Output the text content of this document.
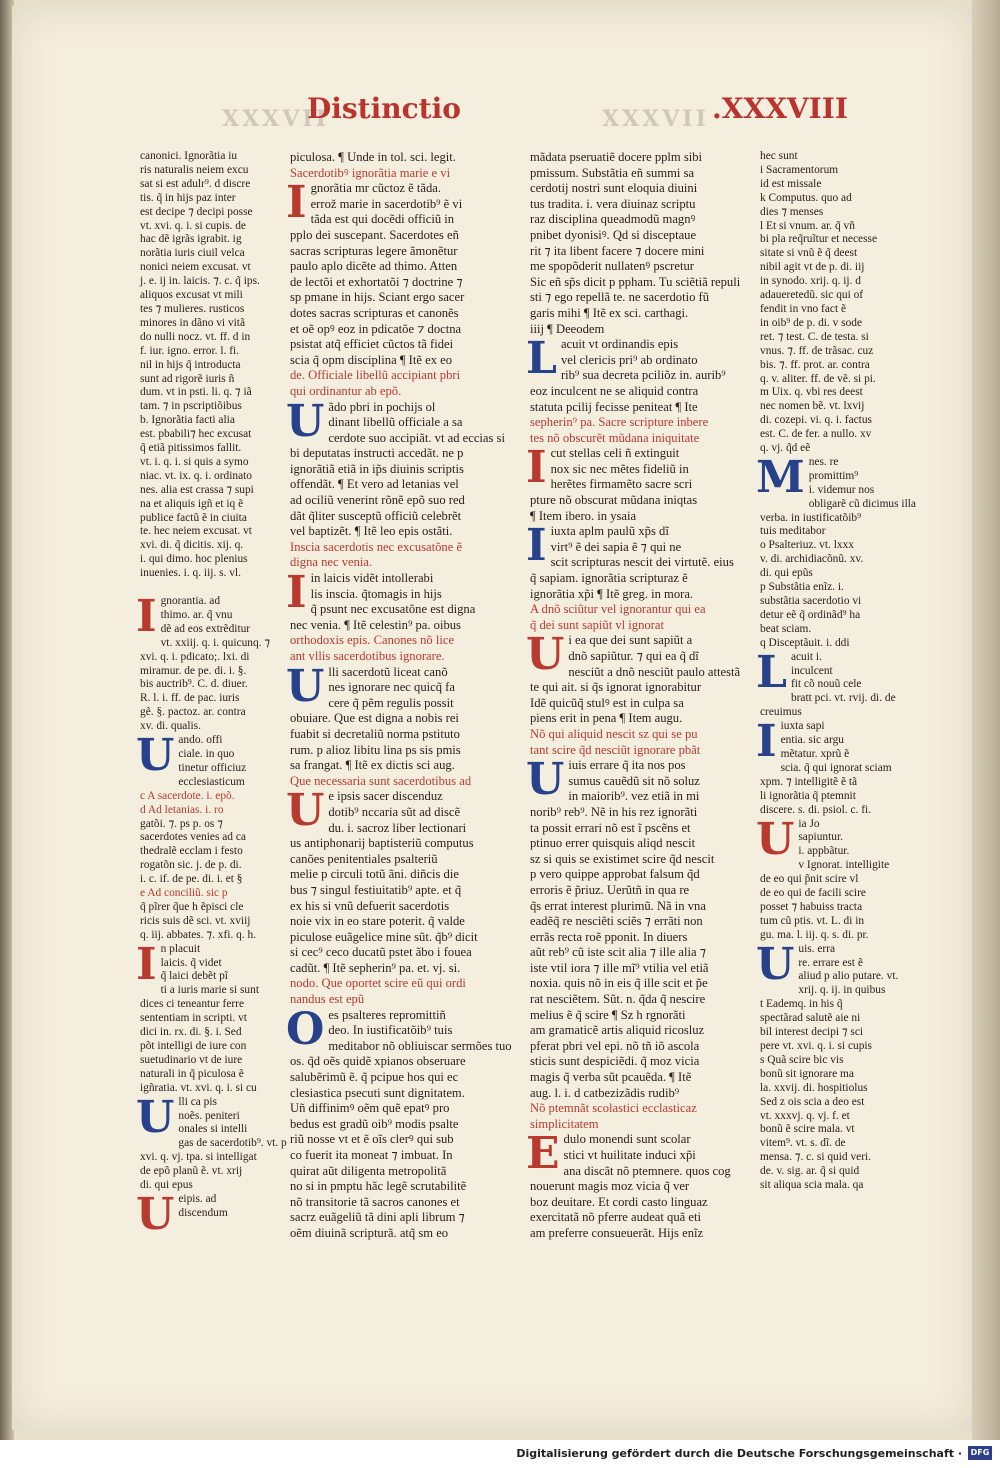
XXXVII
Distinctio	XXXVII .XXXVIII
canonici. Ignorãtia iu
ris naturalis neiem excu
sat si est adulr⁹. d discre
tis. q̃ in hijs paz inter
est decipe ⁊ decipi posse
vt. xvi. q. i. si cupis. de
hac dẽ igrãs igrabit. ig
norãtia iuris ciuil velca
nonici neiem excusat. vt
j. e. ij in. laicis. ⁊. c. q̃ ips.
aliquos excusat vt mili
tes ⁊ mulieres. rusticos
minores in dãno vi vitã
do nulli nocz. vt. ff. d in
f. iur. igno. error. l. fi.
nil in hijs q̃ introducta
sunt ad rigorẽ iuris ñ
dum. vt in psti. li. q. ⁊ iã
tam. ⁊ in pscriptiõibus
b. Ignorãtia facti alia
est. pbabili⁊ hec excusat
q̃ etiã pitissimos fallit.
vt. i. q. i. si quis a symo
niac. vt. ix. q. i. ordinato
nes. alia est crassa ⁊ supi
na et aliquis igñ et iq ẽ
publice factũ ẽ in ciuita
te. hec neiem excusat. vt
xvi. di. q̃ dicitis. xij. q.
i. qui dimo. hoc plenius
inuenies. i. q. iij. s. vl.

Ignorantia. ad
thimo. ar. q̃ vnu
dẽ ad eos extrẽditur
vt. xxiij. q. i. quicunq. ⁊
xvi. q. i. pdicato;. lxi. di
miramur. de pe. di. i. §.
bis auctrib⁹. C. d. diuer.
R. l. i. ff. de pac. iuris
gẽ. §. pactoz. ar. contra
xv. di. qualis.
Uando. offi
ciale. in quo
tinetur officiuz
ecclesiasticum
c A sacerdote. i. epõ.
d Ad letanias. i. ro
gatõi. ⁊. ps p. os ⁊
sacerdotes venies ad ca
thedralẽ ecclam i festo
rogatõn sic. j. de p. di.
i. c. if. de pe. di. i. et §
e Ad conciliũ. sic p
q̃ pĩrer q̃ue h ẽpisci cle
ricis suis dẽ sci. vt. xviij
q. iij. abbates. ⁊. xfi. q. h.
In placuit
laicis. q̃ videt
q̃ laici debẽt pĩ
ti a iuris marie si sunt
dices ci teneantur ferre
sententiam in scripti. vt
dici in. rx. di. §. i. Sed
põt intelligi de iure con
suetudinario vt de iure
naturali in q̃ piculosa ẽ
igñratia. vt. xvi. q. i. si cu
Ulli ca pis
noẽs. peniteri
onales si intelli
gas de sacerdotib⁹. vt. p
xvi. q. vj. tpa. si intelligat
de epõ planũ ẽ. vt. xrij
di. qui epus
Ueipis. ad
discendum
piculosa. ¶ Unde in tol. sci. legit.
Sacerdotibꝰ ignorãtia marie e vi
Ignorãtia mr cũctoz ẽ tãda.
errož marie in sacerdotib⁹ ẽ vi
tãda est qui docẽdi officiũ in
pplo dei suscepant. Sacerdotes eñ
sacras scripturas legere ãmonẽtur
paulo aplo dicẽte ad thimo. Atten
de lectõi et exhortatõi ⁊ doctrine ⁊
sp pmane in hijs. Sciant ergo sacer
dotes sacras scripturas et canonẽs
et oẽ opꝰ eoz in pdicatõe ⁊ doctna
psistat atq̃ efficiet cũctos tã fidei
scia q̃ opm disciplina ¶ Itẽ ex eo
de. Officiale libellũ accipiant pbri
qui ordinantur ab epõ.
Uãdo pbri in pochijs ol
dinant libellũ officiale a sa
cerdote suo accipiãt. vt ad eccias si
bi deputatas instructi accedãt. ne p
ignorãtiã etiã in ip̃s diuinis scriptis
offendãt. ¶ Et vero ad letanias vel
ad ociliũ venerint rõnẽ epõ suo red
dãt q̃liter susceptũ officiũ celebrẽt
vel baptizẽt. ¶ Itẽ leo epis ostãti.
Inscia sacerdotis nec excusatõne ẽ
digna nec venia.
I in laicis vidẽt intollerabi
lis inscia. q̃tomagis in hijs
q̃ psunt nec excusatõne est digna
nec venia. ¶ Itẽ celestin⁹ pa. oibus
orthodoxis epis. Canones nõ lice
ant vllis sacerdotibus ignorare.
Ulli sacerdotũ liceat canõ
nes ignorare nec quicq̃ fa
cere q̃ pẽm regulis possit
obuiare. Que est digna a nobis rei
fuabit si decretaliũ norma pstituto
rum. p alioz libitu lina ps sis pmis
sa frangat. ¶ Itẽ ex dictis sci aug.
Que necessaria sunt sacerdotibus ad
Ue ipsis sacer discenduz
dotib⁹ nccaria sũt ad discẽ
du. i. sacroz liber lectionari
us antiphonarij baptisteriũ computus
canões penitentiales psalteriũ
melie p circuli totũ ãni. diñcis die
bus ⁊ singul festiuitatib⁹ apte. et q̃
ex his si vnũ defuerit sacerdotis
noie vix in eo stare poterit. q̃ valde
piculose euãgelice mine sũt. q̃b⁹ dicit
si cec⁹ ceco ducatũ pstet ãbo i fouea
cadũt. ¶ Itẽ sepherin⁹ pa. et. vj. si.
nodo. Que oportet scire eũ qui ordi
nandus est epũ
Oes psalteres repromittiñ
deo. In iustificatõib⁹ tuis
meditabor nõ obliuiscar sermões tuo
os. q̃d oẽs quidẽ xpianos obseruare
salubẽrimũ ẽ. q̃ pcipue hos qui ec
clesiastica psecuti sunt dignitatem.
Uñ diffinimꝰ oẽm quẽ epatꝰ pro
bedus est gradũ oib⁹ modis psalte
riũ nosse vt et ẽ oĩs clerꝰ qui sub
co fuerit ita moneat ⁊ imbuat. In
quirat aũt diligenta metropolitã
no si in pmptu hãc legẽ scrutabilitẽ
nõ transitorie tã sacros canones et
sacrz euãgeliũ tã dini apli librum ⁊
oẽm diuinã scripturã. atq̃ sm eo
mãdata pseruatiẽ docere pplm sibi
pmissum. Substãtia eñ summi sa
cerdotij nostri sunt eloquia diuini
tus tradita. i. vera diuinaz scriptu
raz disciplina queadmodũ magnꝰ
pnibet dyonisiꝰ. Qd si disceptaue
rit ⁊ ita libent facere ⁊ docere mini
me spopõderit nullatenꝰ pscretur
Sic eñ sp̃s dicit p ppham. Tu sciẽtiã repuli
sti ⁊ ego repellã te. ne sacerdotio fũ
garis mihi ¶ Itẽ ex sci. carthagi.
iiij ¶ Deeodem
Lacuit vt ordinandis epis
vel clericis pri⁹ ab ordinato
rib⁹ sua decreta pciliõz in. aurib⁹
eoz inculcent ne se aliquid contra
statuta pcilij fecisse peniteat ¶ Ite
sepherin⁹ pa. Sacre scripture inbere
tes nõ obscurẽt mũdana iniquitate
Icut stellas celi ñ extinguit
nox sic nec mẽtes fideliũ in
herẽtes firmamẽto sacre scri
pture nõ obscurat mũdana iniqtas
¶ Item ibero. in ysaia
I iuxta aplm paulũ xp̃s dĩ
virt⁹ ẽ dei sapia ẽ ⁊ qui ne
scit scripturas nescit dei virtutẽ. eius
q̃ sapiam. ignorãtia scripturaz ẽ
ignorãtia xp̃i ¶ Itẽ greg. in mora.
A dnõ sciũtur vel ignorantur qui ea
q̃ dei sunt sapiũt vl ignorat
Ui ea que dei sunt sapiũt a
dnõ sapiũtur. ⁊ qui ea q̃ dĩ
nesciũt a dnõ nesciũt paulo attestã
te qui ait. si q̃s ignorat ignorabitur
Idẽ quicũq̃ stulꝰ est in culpa sa
piens erit in pena ¶ Item augu.
Nõ qui aliquid nescit sz qui se pu
tant scire q̃d nesciũt ignorare pbãt
Uiuis errare q̃ ita nos pos
sumus cauẽdũ sit nõ soluz
in maiorib⁹. vez etiã in mi
norib⁹ reb⁹. Nẽ in his rez ignorãti
ta possit errari nõ est ĩ pscẽns et
ptinuo errer quisquis aliqd nescit
sz si quis se existimet scire q̃d nescit
p vero quippe approbat falsum q̃d
erroris ẽ p̃riuz. Uerũtñ in qua re
q̃s errat interest plurimũ. Nã in vna
eadẽq̃ re nesciẽti sciẽs ⁊ errãti non
errãs recta roẽ pponit. In diuers
aũt reb⁹ cũ iste scit alia ⁊ ille alia ⁊
iste vtil iora ⁊ ille mĩ⁹ vtilia vel etiã
noxia. quis nõ in eis q̃ ille scit et p̃e
rat nesciẽtem. Sũt. n. q̃da q̃ nescire
melius ẽ q̃ scire ¶ Sz h rgnorãti
am gramaticẽ artis aliquid ricosluz
pferat pbri vel epi. nõ tñ iõ ascola
sticis sunt despiciẽdi. q̃ moz vicia
magis q̃ verba sũt pcauẽda. ¶ Itẽ
aug. l. i. d catbezizãdis rudib⁹
Nõ ptemnãt scolastici ecclasticaz
simplicitatem
Edulo monendi sunt scolar
stici vt huilitate induci xp̃i
ana discãt nõ ptemnere. quos cog
nouerunt magis moz vicia q̃ ver
boz deuitare. Et cordi casto linguaz
exercitatã nõ pferre audeat quã eti
am preferre consueuerãt. Hijs enĩz
hec sunt
i Sacramentorum
id est missale
k Computus. quo ad
dies ⁊ menses
l Et si vnum. ar. q̃ vñ
bi pla req̃ruĩtur et necesse
sitate si vnũ ẽ q̃ deest
nibil agit vt de p. di. iij
in synodo. xrij. q. ij. d
adaueretedũ. sic qui of
fendit in vno fact ẽ
in oib⁹ de p. di. v sode
ret. ⁊ test. C. de testa. si
vnus. ⁊. ff. de trãsac. cuz
bis. ⁊. ff. prot. ar. contra
q. v. aliter. ff. de vẽ. si pi.
m Uix. q. vbi res deest
nec nomen bẽ. vt. lxvij
di. cozepi. vi. q. i. factus
est. C. de fer. a nullo. xv
q. vj. q̃d eẽ
Mnes. re
promittim⁹
i. videmur nos
obligarẽ cũ dicimus illa
verba. in iustificatõib⁹
tuis meditabor
o Psalteriuz. vt. lxxx
v. di. archidiacõnũ. xv.
di. qui epũs
p Substãtia enĩz. i.
substãtia sacerdotio vi
detur eẽ q̃ ordinãd⁹ ha
beat sciam.
q Disceptãuit. i. ddi
Lacuit i.
inculcent
fit cõ nouũ cele
bratt pci. vt. rvij. di. de
creuimus
I iuxta sapi
entia. sic argu
mẽtatur. xprũ ẽ
scia. q̃ qui ignorat sciam
xpm. ⁊ intelligitẽ ẽ tã
li ignorãtia q̃ ptemnit
discere. s. di. psiol. c. fi.
Uia Jo
sapiuntur.
i. appbãtur.
v Ignorat. intelligite
de eo qui p̃nit scire vl
de eo qui de facili scire
posset ⁊ habuiss tracta
tum cũ ptis. vt. L. di in
gu. ma. l. iij. q. s. di. pr.
Uuis. erra
re. errare est ẽ
aliud p alio putare. vt.
xrij. q. ij. in quibus
t Eademq. in his q̃
spectãrad salutẽ aie ni
bil interest decipi ⁊ sci
pere vt. xvi. q. i. si cupis
s Quã scire bic vis
bonũ sit ignorare ma
la. xxvij. di. hospitiolus
Sed z ois scia a deo est
vt. xxxvj. q. vj. f. et
bonũ ẽ scire mala. vt
vitem⁹. vt. s. dĩ. de
mensa. ⁊. c. si quid veri.
de. v. sig. ar. q̃ si quid
sit aliqua scia mala. qa
Digitalisierung gefördert durch die Deutsche Forschungsgemeinschaft ·	DFG
